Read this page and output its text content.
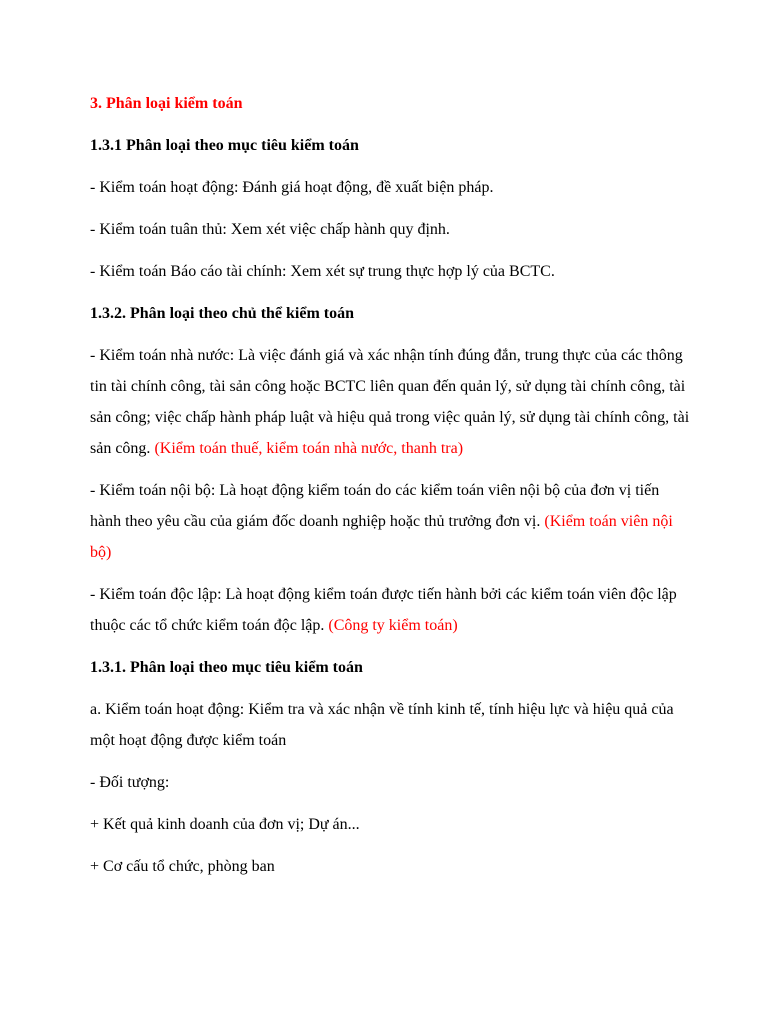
3. Phân loại kiểm toán
1.3.1 Phân loại theo mục tiêu kiểm toán
- Kiểm toán hoạt động: Đánh giá hoạt động, đề xuất biện pháp.
- Kiểm toán tuân thủ: Xem xét việc chấp hành quy định.
- Kiểm toán Báo cáo tài chính: Xem xét sự trung thực hợp lý của BCTC.
1.3.2. Phân loại theo chủ thể kiểm toán
- Kiểm toán nhà nước: Là việc đánh giá và xác nhận tính đúng đắn, trung thực của các thông tin tài chính công, tài sản công hoặc BCTC liên quan đến quản lý, sử dụng tài chính công, tài sản công; việc chấp hành pháp luật và hiệu quả trong việc quản lý, sử dụng tài chính công, tài sản công. (Kiểm toán thuế, kiểm toán nhà nước, thanh tra)
- Kiểm toán nội bộ: Là hoạt động kiểm toán do các kiểm toán viên nội bộ của đơn vị tiến hành theo yêu cầu của giám đốc doanh nghiệp hoặc thủ trưởng đơn vị. (Kiểm toán viên nội bộ)
- Kiểm toán độc lập: Là hoạt động kiểm toán được tiến hành bởi các kiểm toán viên độc lập thuộc các tổ chức kiểm toán độc lập. (Công ty kiểm toán)
1.3.1. Phân loại theo mục tiêu kiểm toán
a. Kiểm toán hoạt động: Kiểm tra và xác nhận về tính kinh tế, tính hiệu lực và hiệu quả của một hoạt động được kiểm toán
- Đối tượng:
+ Kết quả kinh doanh của đơn vị; Dự án...
+ Cơ cấu tổ chức, phòng ban
